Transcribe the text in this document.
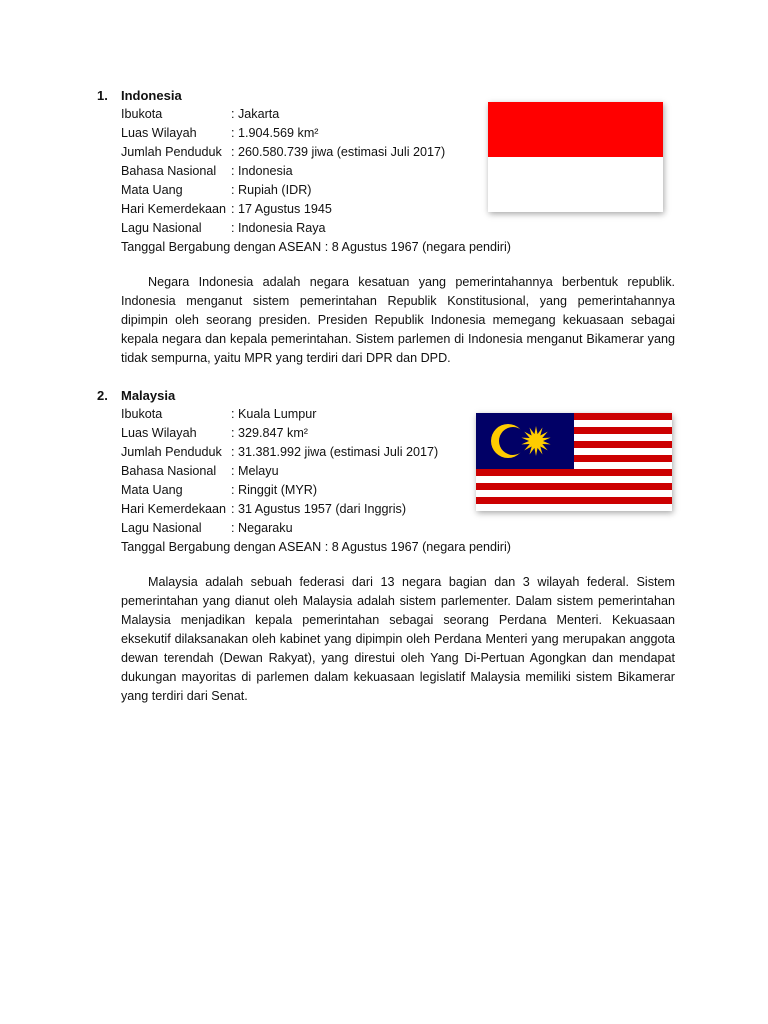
1. Indonesia
Ibukota	: Jakarta
Luas Wilayah	: 1.904.569 km²
Jumlah Penduduk : 260.580.739 jiwa (estimasi Juli 2017)
Bahasa Nasional : Indonesia
Mata Uang	: Rupiah (IDR)
Hari Kemerdekaan : 17 Agustus 1945
Lagu Nasional : Indonesia Raya
Tanggal Bergabung dengan ASEAN : 8 Agustus 1967 (negara pendiri)
Negara Indonesia adalah negara kesatuan yang pemerintahannya berbentuk republik. Indonesia menganut sistem pemerintahan Republik Konstitusional, yang pemerintahannya dipimpin oleh seorang presiden. Presiden Republik Indonesia memegang kekuasaan sebagai kepala negara dan kepala pemerintahan. Sistem parlemen di Indonesia menganut Bikamerar yang tidak sempurna, yaitu MPR yang terdiri dari DPR dan DPD.
2. Malaysia
Ibukota	: Kuala Lumpur
Luas Wilayah	: 329.847 km²
Jumlah Penduduk : 31.381.992 jiwa (estimasi Juli 2017)
Bahasa Nasional : Melayu
Mata Uang	: Ringgit (MYR)
Hari Kemerdekaan : 31 Agustus 1957 (dari Inggris)
Lagu Nasional : Negaraku
Tanggal Bergabung dengan ASEAN : 8 Agustus 1967 (negara pendiri)
Malaysia adalah sebuah federasi dari 13 negara bagian dan 3 wilayah federal. Sistem pemerintahan yang dianut oleh Malaysia adalah sistem parlementer. Dalam sistem pemerintahan Malaysia menjadikan kepala pemerintahan sebagai seorang Perdana Menteri. Kekuasaan eksekutif dilaksanakan oleh kabinet yang dipimpin oleh Perdana Menteri yang merupakan anggota dewan terendah (Dewan Rakyat), yang direstui oleh Yang Di-Pertuan Agongkan dan mendapat dukungan mayoritas di parlemen dalam kekuasaan legislatif Malaysia memiliki sistem Bikamerar yang terdiri dari Senat.
